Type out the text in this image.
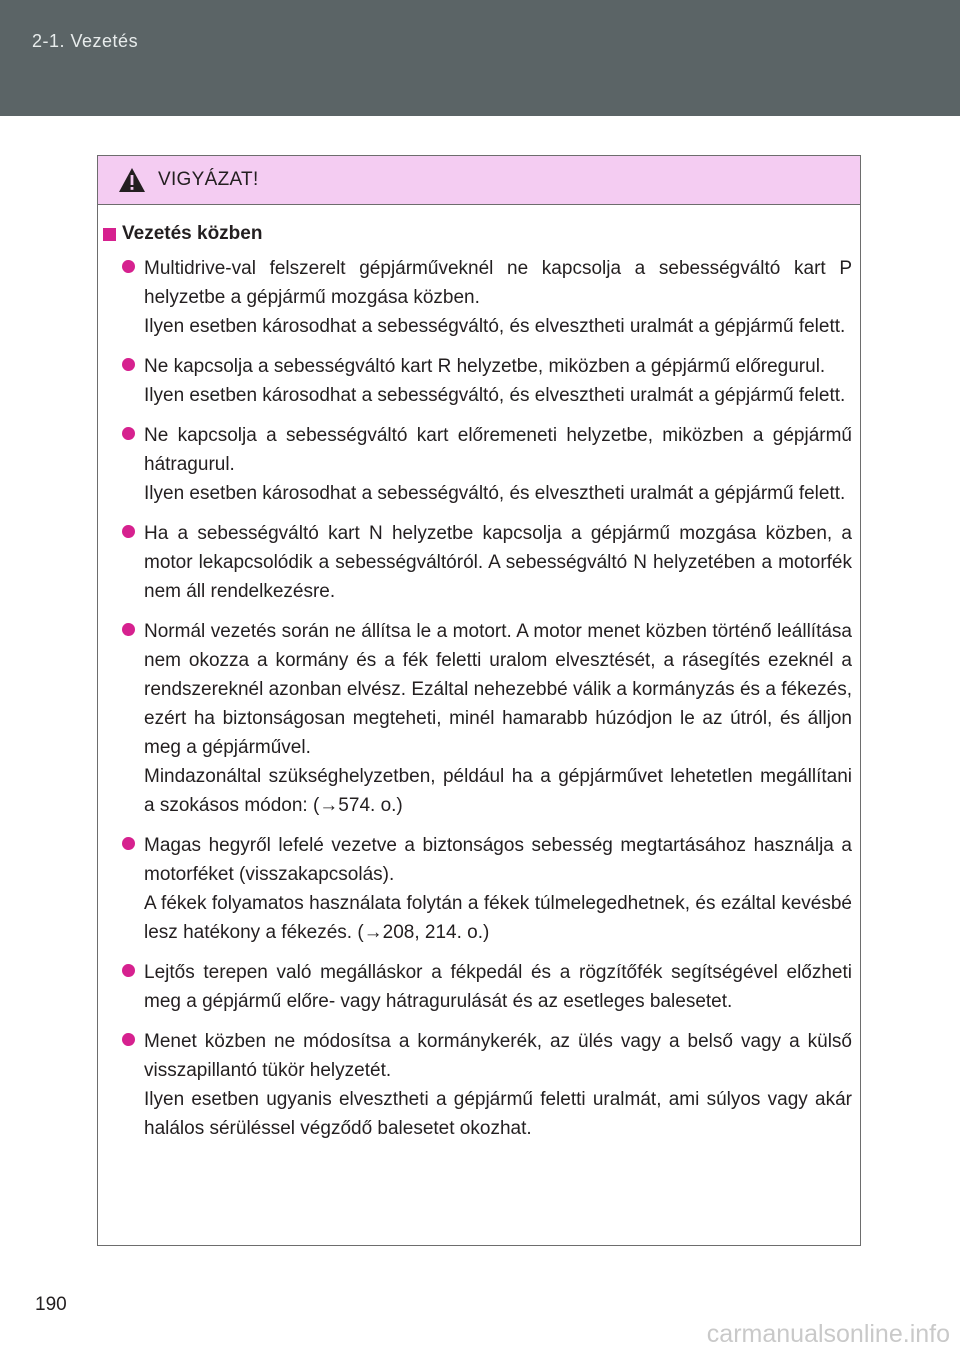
2-1. Vezetés
VIGYÁZAT!
Vezetés közben
Multidrive-val felszerelt gépjárműveknél ne kapcsolja a sebességváltó kart P helyzetbe a gépjármű mozgása közben.
Ilyen esetben károsodhat a sebességváltó, és elvesztheti uralmát a gépjármű felett.
Ne kapcsolja a sebességváltó kart R helyzetbe, miközben a gépjármű előregurul.
Ilyen esetben károsodhat a sebességváltó, és elvesztheti uralmát a gépjármű felett.
Ne kapcsolja a sebességváltó kart előremeneti helyzetbe, miközben a gépjármű hátragurul.
Ilyen esetben károsodhat a sebességváltó, és elvesztheti uralmát a gépjármű felett.
Ha a sebességváltó kart N helyzetbe kapcsolja a gépjármű mozgása közben, a motor lekapcsolódik a sebességváltóról. A sebességváltó N helyzetében a motorfék nem áll rendelkezésre.
Normál vezetés során ne állítsa le a motort. A motor menet közben történő leállítása nem okozza a kormány és a fék feletti uralom elvesztését, a rásegítés ezeknél a rendszereknél azonban elvész. Ezáltal nehezebbé válik a kormányzás és a fékezés, ezért ha biztonságosan megteheti, minél hamarabb húzódjon le az útról, és álljon meg a gépjárművel.
Mindazonáltal szükséghelyzetben, például ha a gépjárművet lehetetlen megállítani a szokásos módon: (→574. o.)
Magas hegyről lefelé vezetve a biztonságos sebesség megtartásához használja a motorféket (visszakapcsolás).
A fékek folyamatos használata folytán a fékek túlmelegedhetnek, és ezáltal kevésbé lesz hatékony a fékezés. (→208, 214. o.)
Lejtős terepen való megálláskor a fékpedál és a rögzítőfék segítségével előzheti meg a gépjármű előre- vagy hátragurulását és az esetleges balesetet.
Menet közben ne módosítsa a kormánykerék, az ülés vagy a belső vagy a külső visszapillantó tükör helyzetét.
Ilyen esetben ugyanis elvesztheti a gépjármű feletti uralmát, ami súlyos vagy akár halálos sérüléssel végződő balesetet okozhat.
190
carmanualsonline.info
